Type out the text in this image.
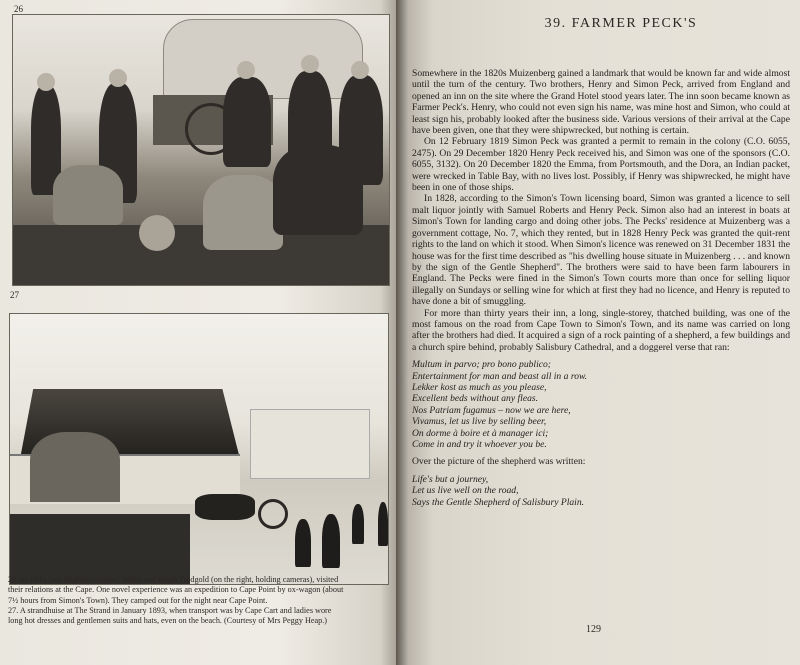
26
27
26. In 1903, two English brothers, Willie and Ralph Tredgold (on the right, holding cameras), visited
their relations at the Cape. One novel experience was an expedition to Cape Point by ox-wagon (about
7½ hours from Simon's Town). They camped out for the night near Cape Point.
27. A strandhuise at The Strand in January 1893, when transport was by Cape Cart and ladies wore
long hot dresses and gentlemen suits and hats, even on the beach. (Courtesy of Mrs Peggy Heap.)
39. FARMER PECK'S

Somewhere in the 1820s Muizenberg gained a landmark that would be known far and wide almost until the turn of the century. Two brothers, Henry and Simon Peck, arrived from England and opened an inn on the site where the Grand Hotel stood years later. The inn soon became known as Farmer Peck's. Henry, who could not even sign his name, was mine host and Simon, who could at least sign his, probably looked after the business side. Various versions of their arrival at the Cape have been given, one that they were shipwrecked, but nothing is certain.

On 12 February 1819 Simon Peck was granted a permit to remain in the colony (C.O. 6055, 2475). On 29 December 1820 Henry Peck received his, and Simon was one of the sponsors (C.O. 6055, 3132). On 20 December 1820 the Emma, from Portsmouth, and the Dora, an Indian packet, were wrecked in Table Bay, with no lives lost. Possibly, if Henry was shipwrecked, he might have been in one of those ships.

In 1828, according to the Simon's Town licensing board, Simon was granted a licence to sell malt liquor jointly with Samuel Roberts and Henry Peck. Simon also had an interest in boats at Simon's Town for landing cargo and doing other jobs. The Pecks' residence at Muizenberg was a government cottage, No. 7, which they rented, but in 1828 Henry Peck was granted the quit-rent rights to the land on which it stood. When Simon's licence was renewed on 31 December 1831 the house was for the first time described as "his dwelling house situate in Muizenberg . . . and known by the sign of the Gentle Shepherd". The brothers were said to have been farm labourers in England. The Pecks were fined in the Simon's Town courts more than once for selling liquor illegally on Sundays or selling wine for which at first they had no licence, and Henry is reputed to have done a bit of smuggling.

For more than thirty years their inn, a long, single-storey, thatched building, was one of the most famous on the road from Cape Town to Simon's Town, and its name was carried on long after the brothers had died. It acquired a sign of a rock painting of a shepherd, a few buildings and a church spire behind, probably Salisbury Cathedral, and a doggerel verse that ran:

Multum in parvo; pro bono publico;
Entertainment for man and beast all in a row.
Lekker kost as much as you please,
Excellent beds without any fleas.
Nos Patriam fugamus – now we are here,
Vivamus, let us live by selling beer,
On dorme à boire et à manager ici;
Come in and try it whoever you be.

Over the picture of the shepherd was written:

Life's but a journey,
Let us live well on the road,
Says the Gentle Shepherd of Salisbury Plain.
129
